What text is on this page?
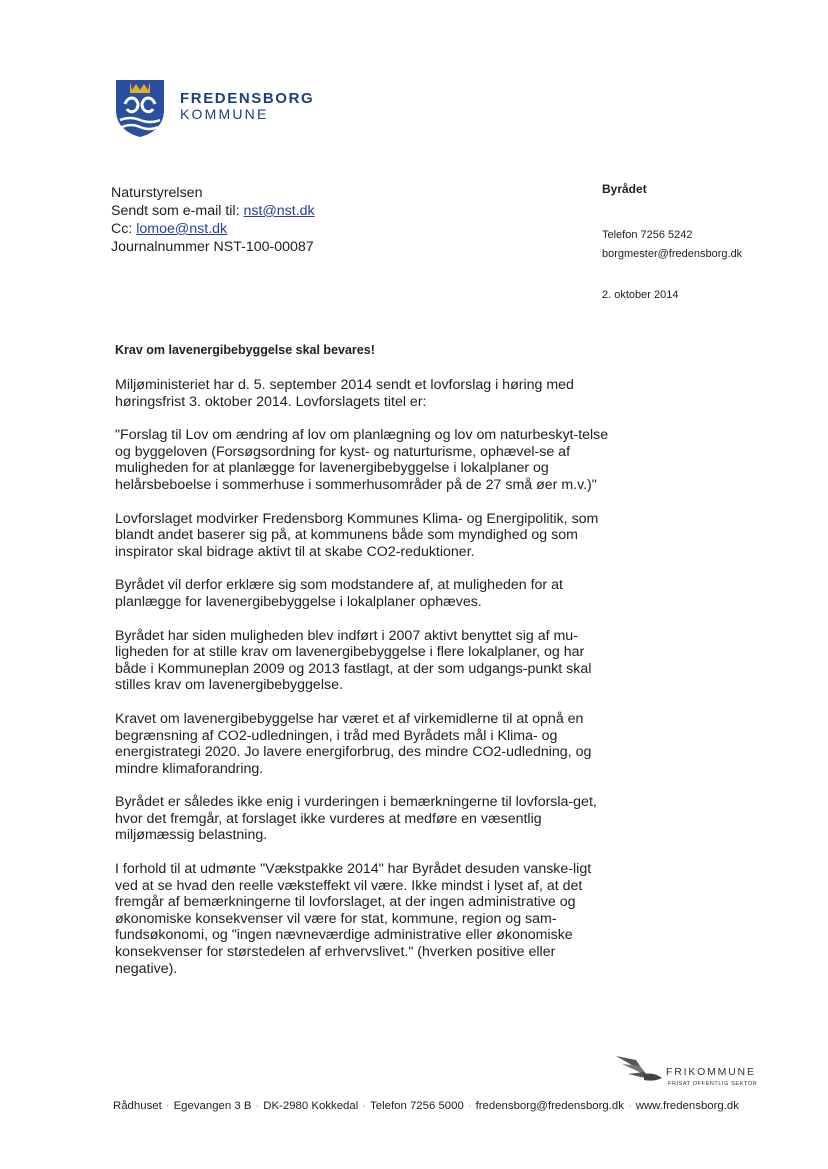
FREDENSBORG
KOMMUNE
Naturstyrelsen
Sendt som e-mail til: nst@nst.dk
Cc: lomoe@nst.dk
Journalnummer NST-100-00087
Byrådet
Telefon 7256 5242
borgmester@fredensborg.dk
2. oktober 2014
Krav om lavenergibebyggelse skal bevares!

Miljøministeriet har d. 5. september 2014 sendt et lovforslag i høring med høringsfrist 3. oktober 2014. Lovforslagets titel er:

"Forslag til Lov om ændring af lov om planlægning og lov om naturbeskyt-telse og byggeloven (Forsøgsordning for kyst- og naturturisme, ophævel-se af muligheden for at planlægge for lavenergibebyggelse i lokalplaner og helårsbeboelse i sommerhuse i sommerhusområder på de 27 små øer m.v.)"

Lovforslaget modvirker Fredensborg Kommunes Klima- og Energipolitik, som blandt andet baserer sig på, at kommunens både som myndighed og som inspirator skal bidrage aktivt til at skabe CO2-reduktioner.

Byrådet vil derfor erklære sig som modstandere af, at muligheden for at planlægge for lavenergibebyggelse i lokalplaner ophæves.

Byrådet har siden muligheden blev indført i 2007 aktivt benyttet sig af mu-ligheden for at stille krav om lavenergibebyggelse i flere lokalplaner, og har både i Kommuneplan 2009 og 2013 fastlagt, at der som udgangs-punkt skal stilles krav om lavenergibebyggelse.

Kravet om lavenergibebyggelse har været et af virkemidlerne til at opnå en begrænsning af CO2-udledningen, i tråd med Byrådets mål i Klima- og energistrategi 2020. Jo lavere energiforbrug, des mindre CO2-udledning, og mindre klimaforandring.

Byrådet er således ikke enig i vurderingen i bemærkningerne til lovforsla-get, hvor det fremgår, at forslaget ikke vurderes at medføre en væsentlig miljømæssig belastning.

I forhold til at udmønte "Vækstpakke 2014" har Byrådet desuden vanske-ligt ved at se hvad den reelle væksteffekt vil være. Ikke mindst i lyset af, at det fremgår af bemærkningerne til lovforslaget, at der ingen administrative og økonomiske konsekvenser vil være for stat, kommune, region og sam-fundsøkonomi, og "ingen nævneværdige administrative eller økonomiske konsekvenser for størstedelen af erhvervslivet." (hverken positive eller negative).

FRIKOMMUNE
FRISAT OFFENTLIG SEKTOR
Rådhuset · Egevangen 3 B · DK-2980 Kokkedal · Telefon 7256 5000 · fredensborg@fredensborg.dk · www.fredensborg.dk
